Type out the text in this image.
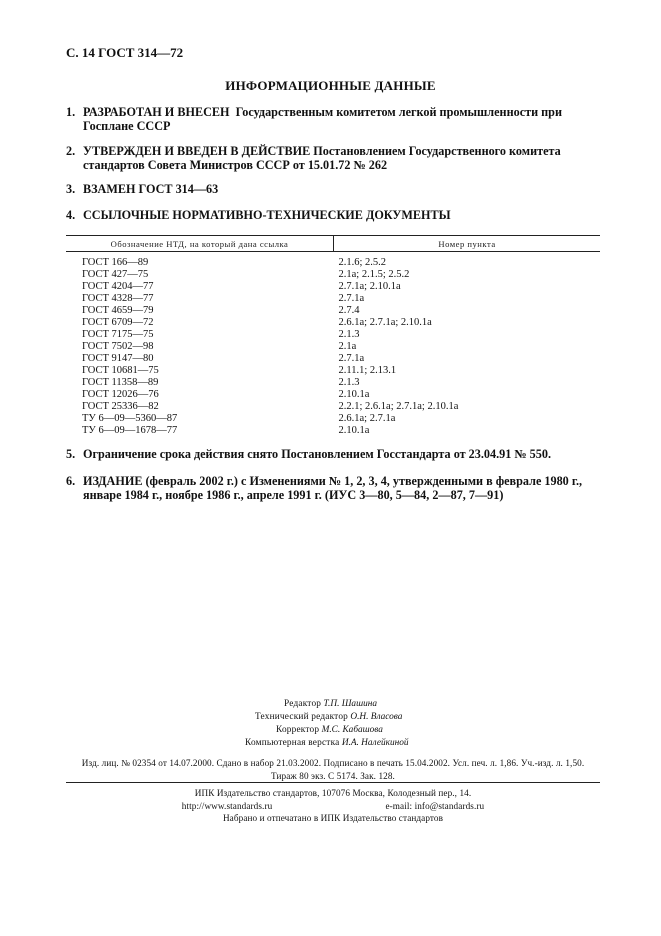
С. 14 ГОСТ 314—72
ИНФОРМАЦИОННЫЕ ДАННЫЕ
1. РАЗРАБОТАН И ВНЕСЕН Государственным комитетом легкой промышленности при Госплане СССР
2. УТВЕРЖДЕН И ВВЕДЕН В ДЕЙСТВИЕ Постановлением Государственного комитета стандартов Совета Министров СССР от 15.01.72 № 262
3. ВЗАМЕН ГОСТ 314—63
4. ССЫЛОЧНЫЕ НОРМАТИВНО-ТЕХНИЧЕСКИЕ ДОКУМЕНТЫ
Обозначение НТД, на который дана ссылка	Номер пункта
ГОСТ 166—89	2.1.6; 2.5.2
ГОСТ 427—75	2.1а; 2.1.5; 2.5.2
ГОСТ 4204—77	2.7.1а; 2.10.1а
ГОСТ 4328—77	2.7.1а
ГОСТ 4659—79	2.7.4
ГОСТ 6709—72	2.6.1а; 2.7.1а; 2.10.1а
ГОСТ 7175—75	2.1.3
ГОСТ 7502—98	2.1а
ГОСТ 9147—80	2.7.1а
ГОСТ 10681—75	2.11.1; 2.13.1
ГОСТ 11358—89	2.1.3
ГОСТ 12026—76	2.10.1а
ГОСТ 25336—82	2.2.1; 2.6.1а; 2.7.1а; 2.10.1а
ТУ 6—09—5360—87	2.6.1а; 2.7.1а
ТУ 6—09—1678—77	2.10.1а
5. Ограничение срока действия снято Постановлением Госстандарта от 23.04.91 № 550.
6. ИЗДАНИЕ (февраль 2002 г.) с Изменениями № 1, 2, 3, 4, утвержденными в феврале 1980 г., январе 1984 г., ноябре 1986 г., апреле 1991 г. (ИУС 3—80, 5—84, 2—87, 7—91)
Редактор Т.П. Шашина
Технический редактор О.Н. Власова
Корректор М.С. Кабашова
Компьютерная верстка И.А. Налейкиной
Изд. лиц. № 02354 от 14.07.2000. Сдано в набор 21.03.2002. Подписано в печать 15.04.2002. Усл. печ. л. 1,86. Уч.-изд. л. 1,50.
Тираж 80 экз. С 5174. Зак. 128.
ИПК Издательство стандартов, 107076 Москва, Колодезный пер., 14.
http://www.standards.ru	e-mail: info@standards.ru
Набрано и отпечатано в ИПК Издательство стандартов
